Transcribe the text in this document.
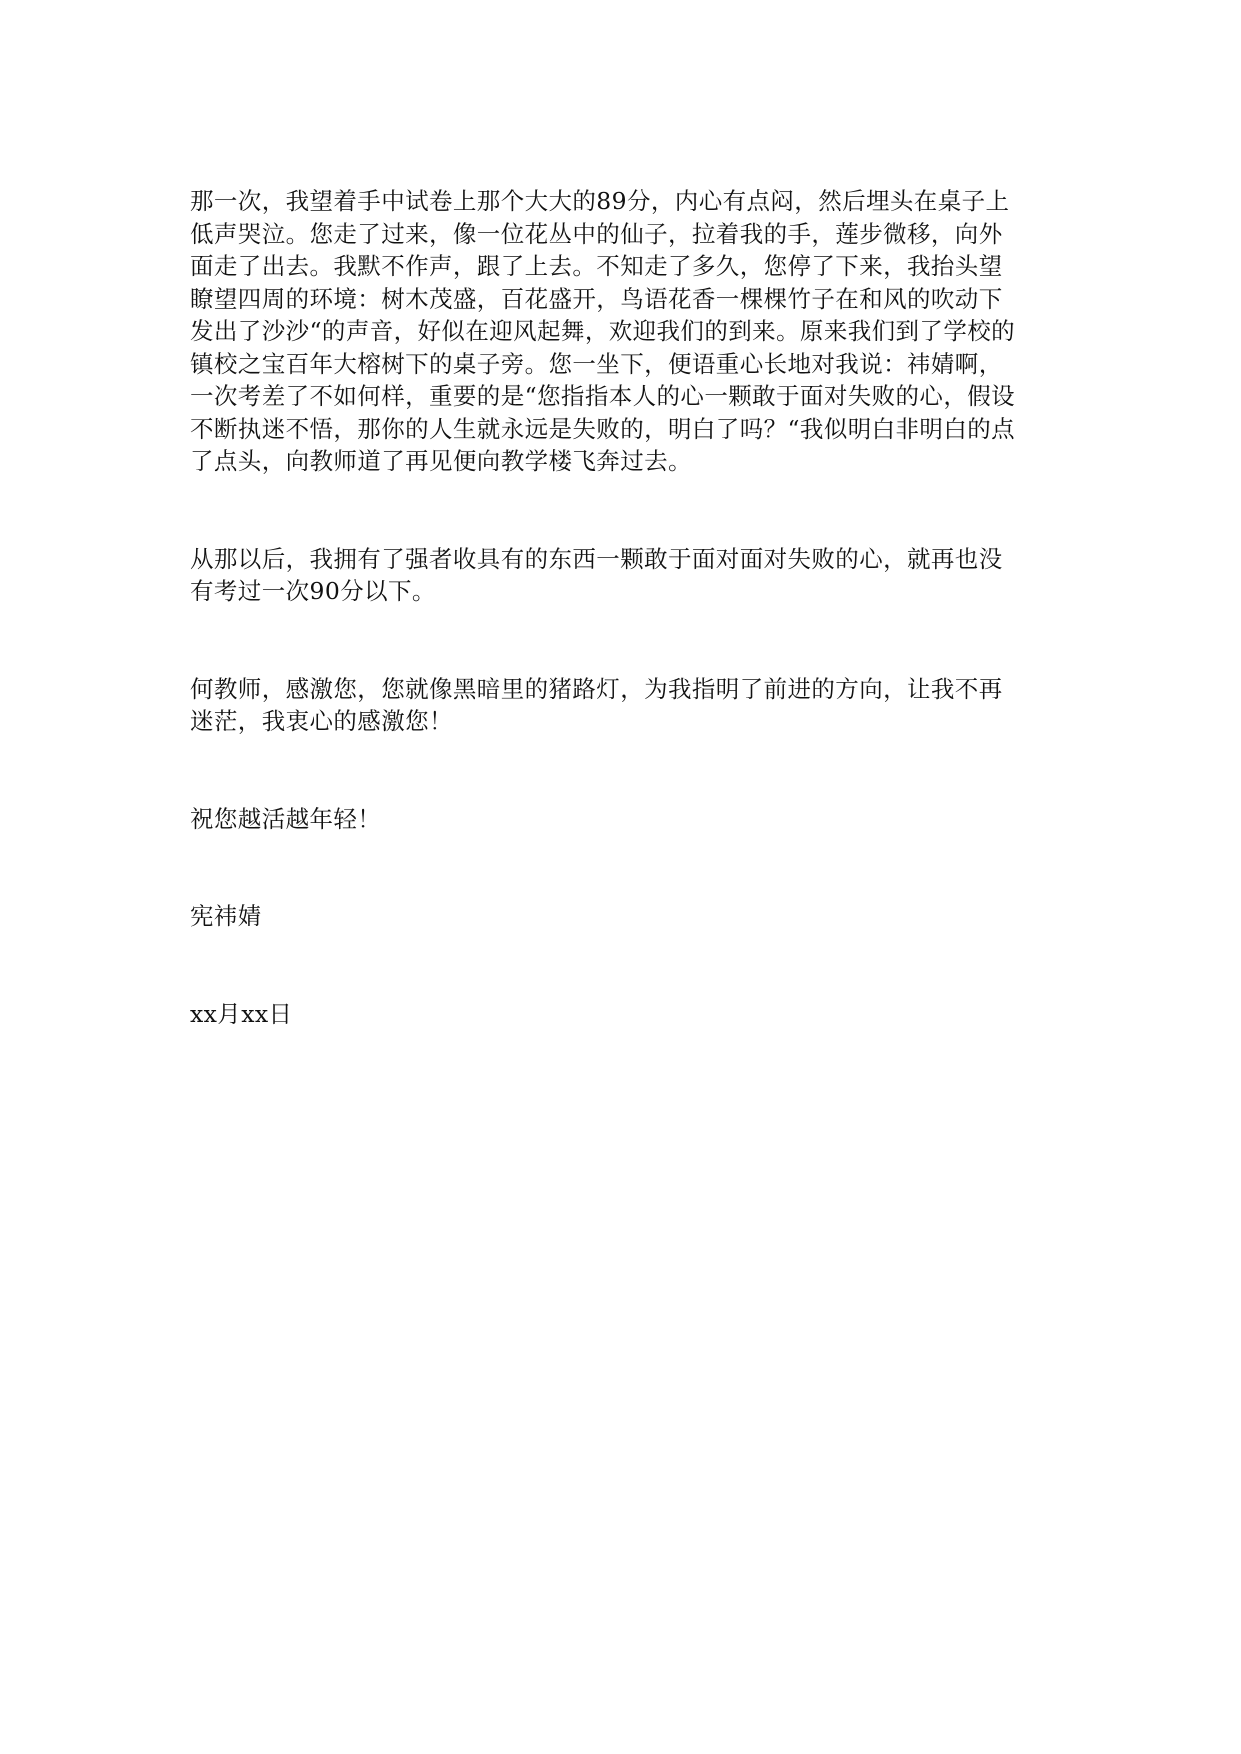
那一次，我望着手中试卷上那个大大的89分，内心有点闷，然后埋头在桌子上
低声哭泣。您走了过来，像一位花丛中的仙子，拉着我的手，莲步微移，向外
面走了出去。我默不作声，跟了上去。不知走了多久，您停了下来，我抬头望
瞭望四周的环境：树木茂盛，百花盛开，鸟语花香一棵棵竹子在和风的吹动下
发出了沙沙“的声音，好似在迎风起舞，欢迎我们的到来。原来我们到了学校的
镇校之宝百年大榕树下的桌子旁。您一坐下，便语重心长地对我说：祎婧啊，
一次考差了不如何样，重要的是“您指指本人的心一颗敢于面对失败的心，假设
不断执迷不悟，那你的人生就永远是失败的，明白了吗？“我似明白非明白的点
了点头，向教师道了再见便向教学楼飞奔过去。

从那以后，我拥有了强者收具有的东西一颗敢于面对面对失败的心，就再也没
有考过一次90分以下。

何教师，感激您，您就像黑暗里的猪路灯，为我指明了前进的方向，让我不再
迷茫，我衷心的感激您！

祝您越活越年轻！

宪祎婧

xx月xx日
